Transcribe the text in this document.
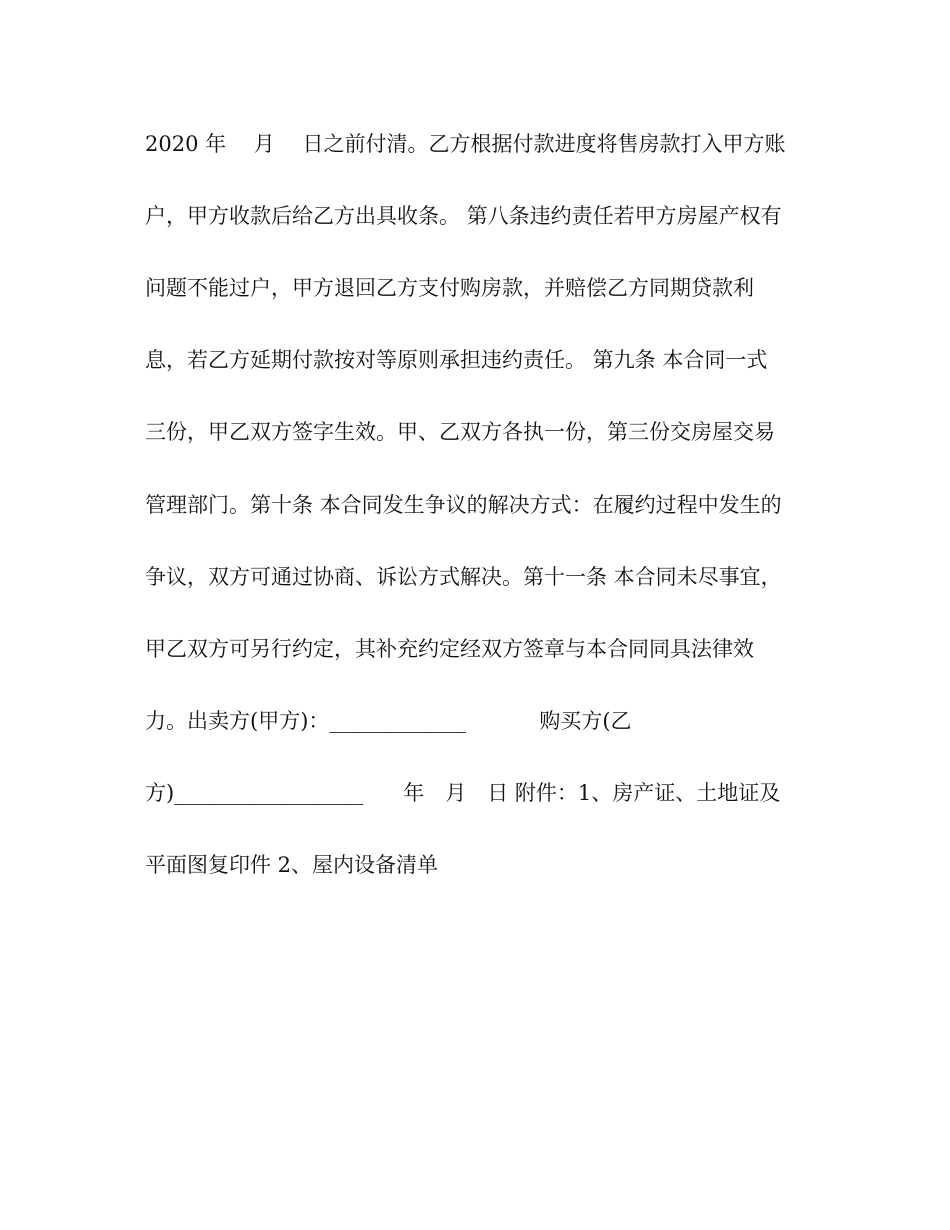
2020 年　 月　 日之前付清。乙方根据付款进度将售房款打入甲方账
户，甲方收款后给乙方出具收条。 第八条违约责任若甲方房屋产权有
问题不能过户，甲方退回乙方支付购房款，并赔偿乙方同期贷款利
息，若乙方延期付款按对等原则承担违约责任。 第九条 本合同一式
三份，甲乙双方签字生效。甲、乙双方各执一份，第三份交房屋交易
管理部门。第十条 本合同发生争议的解决方式：在履约过程中发生的
争议，双方可通过协商、诉讼方式解决。第十一条 本合同未尽事宜，
甲乙双方可另行约定，其补充约定经双方签章与本合同同具法律效
力。出卖方(甲方)：_____________           购买方(乙
方)__________________      年　月　日 附件：1、房产证、土地证及
平面图复印件 2、屋内设备清单
